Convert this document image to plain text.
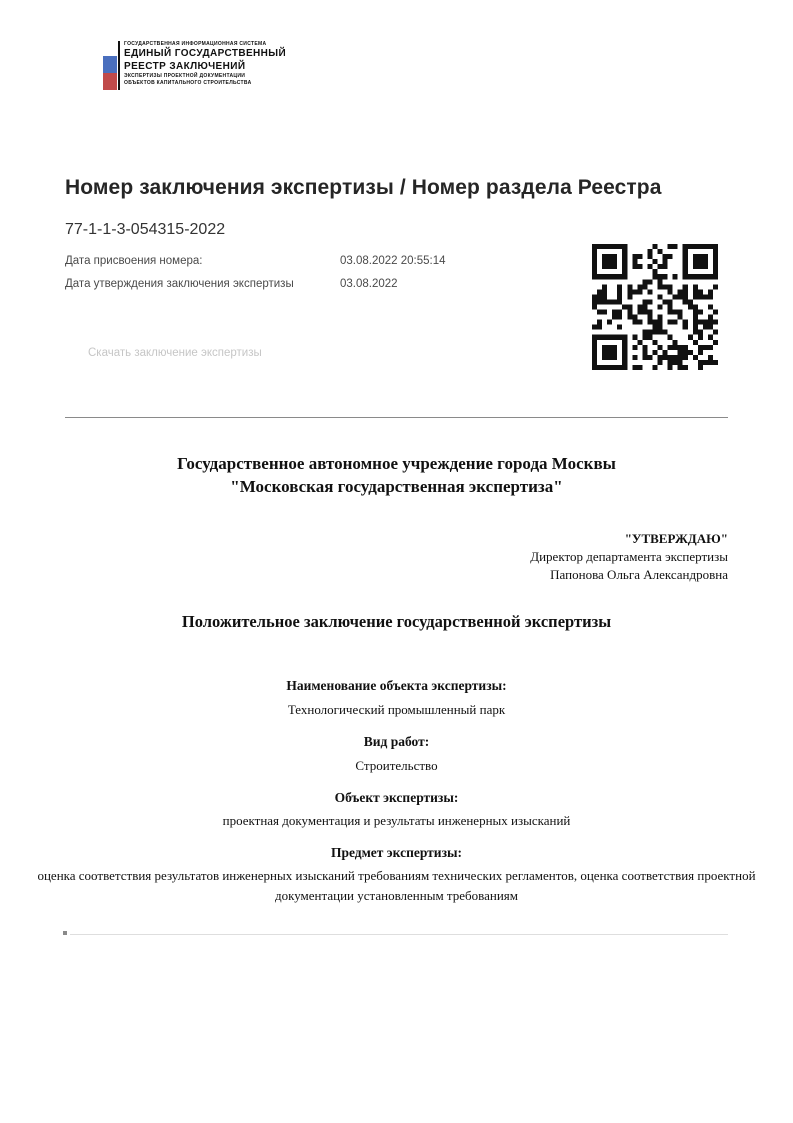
ГОСУДАРСТВЕННАЯ ИНФОРМАЦИОННАЯ СИСТЕМА
ЕДИНЫЙ ГОСУДАРСТВЕННЫЙ
РЕЕСТР ЗАКЛЮЧЕНИЙ
ЭКСПЕРТИЗЫ ПРОЕКТНОЙ ДОКУМЕНТАЦИИ
ОБЪЕКТОВ КАПИТАЛЬНОГО СТРОИТЕЛЬСТВА
Номер заключения экспертизы / Номер раздела Реестра
77-1-1-3-054315-2022
Дата присвоения номера:	03.08.2022 20:55:14
Дата утверждения заключения экспертизы	03.08.2022
Скачать заключение экспертизы
Государственное автономное учреждение города Москвы
"Московская государственная экспертиза"
"УТВЕРЖДАЮ"
Директор департамента экспертизы
Папонова Ольга Александровна
Положительное заключение государственной экспертизы
Наименование объекта экспертизы:
Технологический промышленный парк
Вид работ:
Строительство
Объект экспертизы:
проектная документация и результаты инженерных изысканий
Предмет экспертизы:
оценка соответствия результатов инженерных изысканий требованиям технических регламентов, оценка соответствия проектной документации установленным требованиям
